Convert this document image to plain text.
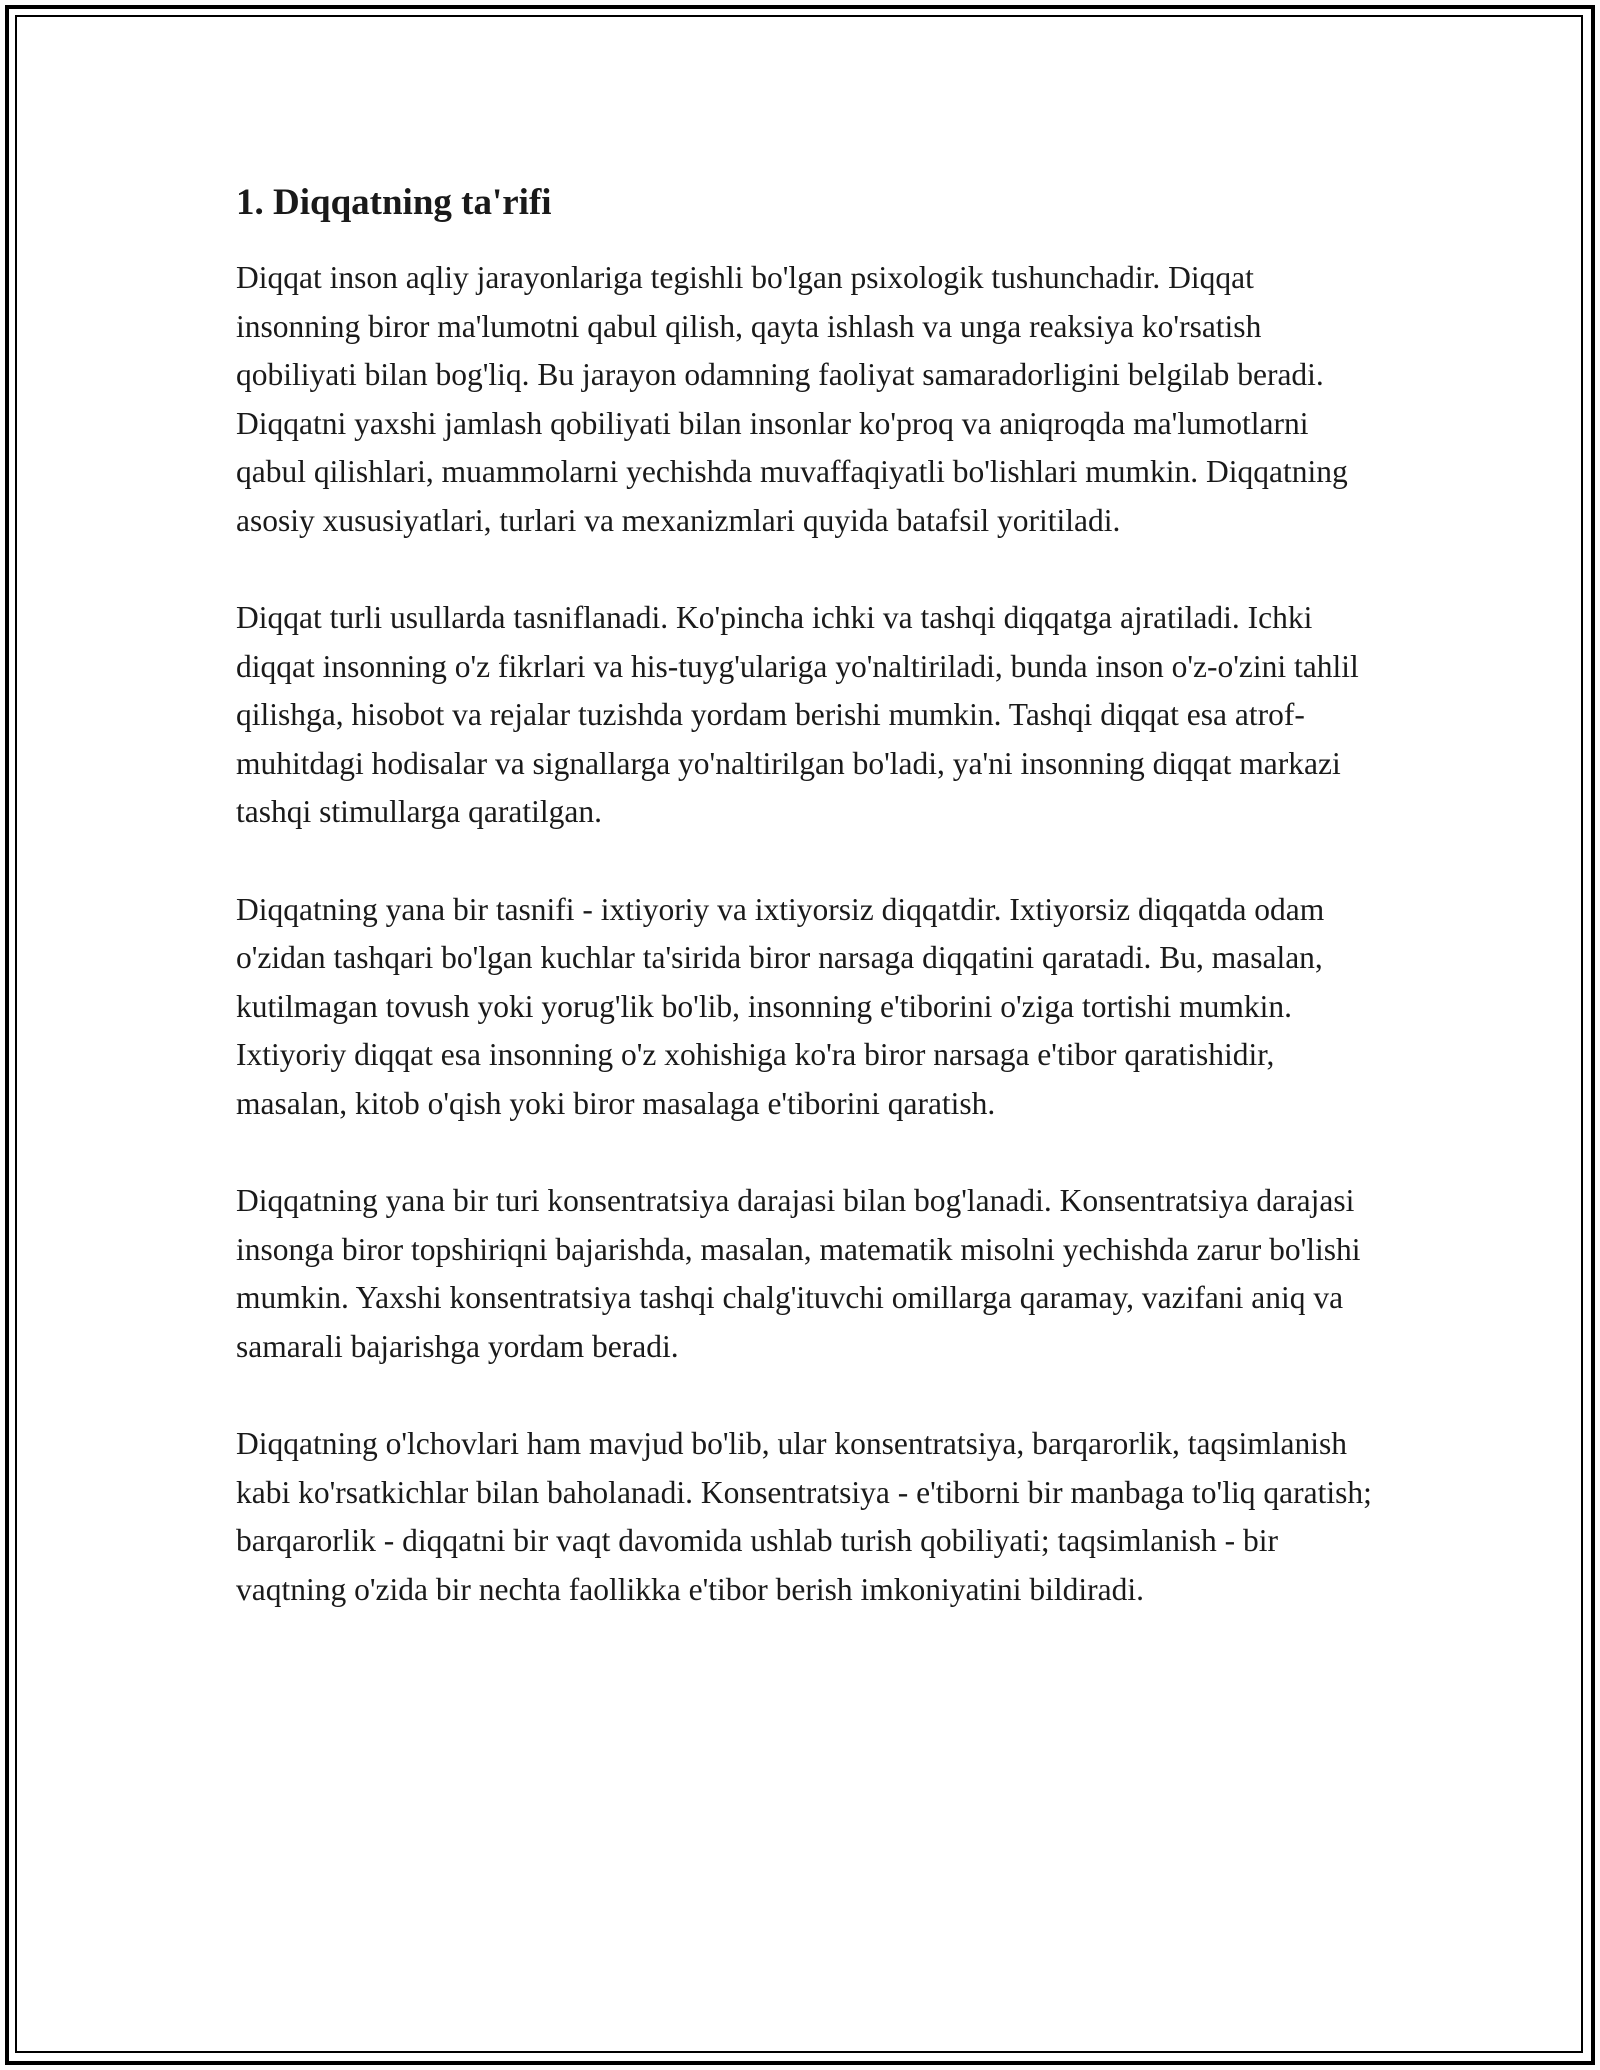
1. Diqqatning ta'rifi

Diqqat inson aqliy jarayonlariga tegishli bo'lgan psixologik tushunchadir. Diqqat insonning biror ma'lumotni qabul qilish, qayta ishlash va unga reaksiya ko'rsatish qobiliyati bilan bog'liq. Bu jarayon odamning faoliyat samaradorligini belgilab beradi. Diqqatni yaxshi jamlash qobiliyati bilan insonlar ko'proq va aniqroqda ma'lumotlarni qabul qilishlari, muammolarni yechishda muvaffaqiyatli bo'lishlari mumkin. Diqqatning asosiy xususiyatlari, turlari va mexanizmlari quyida batafsil yoritiladi.

Diqqat turli usullarda tasniflanadi. Ko'pincha ichki va tashqi diqqatga ajratiladi. Ichki diqqat insonning o'z fikrlari va his-tuyg'ulariga yo'naltiriladi, bunda inson o'z-o'zini tahlil qilishga, hisobot va rejalar tuzishda yordam berishi mumkin. Tashqi diqqat esa atrof-muhitdagi hodisalar va signallarga yo'naltirilgan bo'ladi, ya'ni insonning diqqat markazi tashqi stimullarga qaratilgan.

Diqqatning yana bir tasnifi - ixtiyoriy va ixtiyorsiz diqqatdir. Ixtiyorsiz diqqatda odam o'zidan tashqari bo'lgan kuchlar ta'sirida biror narsaga diqqatini qaratadi. Bu, masalan, kutilmagan tovush yoki yorug'lik bo'lib, insonning e'tiborini o'ziga tortishi mumkin. Ixtiyoriy diqqat esa insonning o'z xohishiga ko'ra biror narsaga e'tibor qaratishidir, masalan, kitob o'qish yoki biror masalaga e'tiborini qaratish.

Diqqatning yana bir turi konsentratsiya darajasi bilan bog'lanadi. Konsentratsiya darajasi insonga biror topshiriqni bajarishda, masalan, matematik misolni yechishda zarur bo'lishi mumkin. Yaxshi konsentratsiya tashqi chalg'ituvchi omillarga qaramay, vazifani aniq va samarali bajarishga yordam beradi.

Diqqatning o'lchovlari ham mavjud bo'lib, ular konsentratsiya, barqarorlik, taqsimlanish kabi ko'rsatkichlar bilan baholanadi. Konsentratsiya - e'tiborni bir manbaga to'liq qaratish; barqarorlik - diqqatni bir vaqt davomida ushlab turish qobiliyati; taqsimlanish - bir vaqtning o'zida bir nechta faollikka e'tibor berish imkoniyatini bildiradi.
